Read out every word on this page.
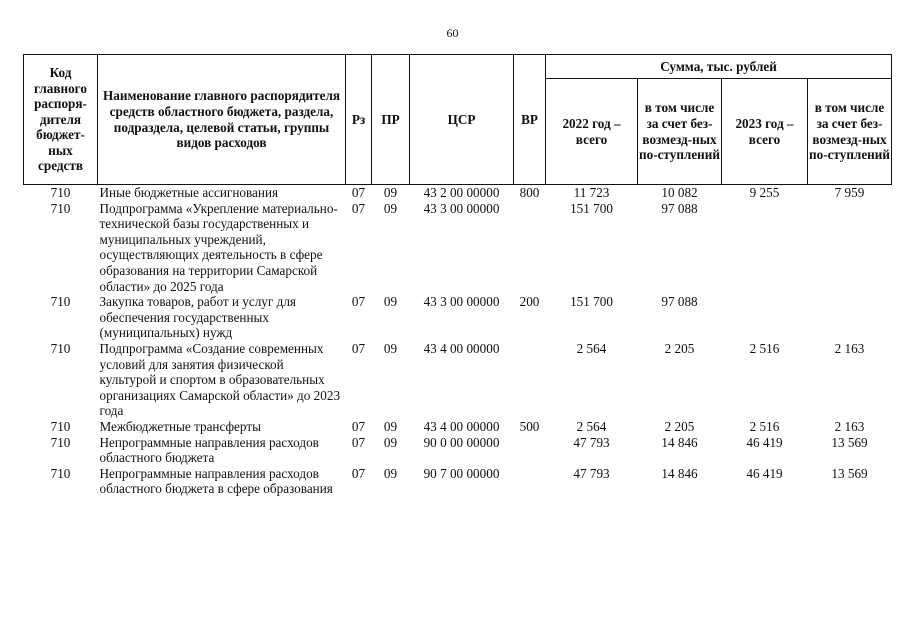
60
Код главного распоря-дителя бюджет-ных средств	Наименование главного распорядителя средств областного бюджета, раздела, подраздела, целевой статьи, группы видов расходов	Рз	ПР	ЦСР	ВР	Сумма, тыс. рублей			
						2022 год – всего	в том числе за счет без-возмезд-ных по-ступлений	2023 год – всего	в том числе за счет без-возмезд-ных по-ступлений
710	Иные бюджетные ассигнования	07	09	43 2 00 00000	800	11 723	10 082	9 255	7 959
710	Подпрограмма «Укрепление материально-технической базы государственных и муниципальных учреждений, осуществляющих деятельность в сфере образования на территории Самарской области» до 2025 года	07	09	43 3 00 00000		151 700	97 088		
710	Закупка товаров, работ и услуг для обеспечения государственных (муниципальных) нужд	07	09	43 3 00 00000	200	151 700	97 088		
710	Подпрограмма «Создание современных условий для занятия физической культурой и спортом в образовательных организациях Самарской области» до 2023 года	07	09	43 4 00 00000		2 564	2 205	2 516	2 163
710	Межбюджетные трансферты	07	09	43 4 00 00000	500	2 564	2 205	2 516	2 163
710	Непрограммные направления расходов областного бюджета	07	09	90 0 00 00000		47 793	14 846	46 419	13 569
710	Непрограммные направления расходов областного бюджета в сфере образования	07	09	90 7 00 00000		47 793	14 846	46 419	13 569
